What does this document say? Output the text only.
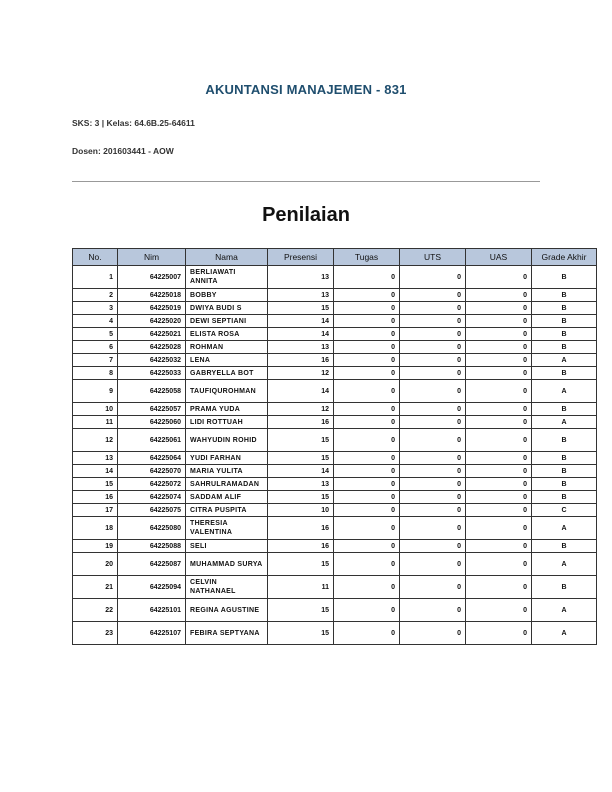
AKUNTANSI MANAJEMEN - 831
SKS: 3 | Kelas: 64.6B.25-64611
Dosen: 201603441 - AOW
Penilaian
No.	Nim	Nama	Presensi	Tugas	UTS	UAS	Grade Akhir
1	64225007	BERLIAWATI ANNITA	13	0	0	0	B
2	64225018	BOBBY	13	0	0	0	B
3	64225019	DWIYA BUDI S	15	0	0	0	B
4	64225020	DEWI SEPTIANI	14	0	0	0	B
5	64225021	ELISTA ROSA	14	0	0	0	B
6	64225028	ROHMAN	13	0	0	0	B
7	64225032	LENA	16	0	0	0	A
8	64225033	GABRYELLA BOT	12	0	0	0	B
9	64225058	TAUFIQUROHMAN	14	0	0	0	A
10	64225057	PRAMA YUDA	12	0	0	0	B
11	64225060	LIDI ROTTUAH	16	0	0	0	A
12	64225061	WAHYUDIN ROHID	15	0	0	0	B
13	64225064	YUDI FARHAN	15	0	0	0	B
14	64225070	MARIA YULITA	14	0	0	0	B
15	64225072	SAHRULRAMADAN	13	0	0	0	B
16	64225074	SADDAM ALIF	15	0	0	0	B
17	64225075	CITRA PUSPITA	10	0	0	0	C
18	64225080	THERESIA VALENTINA	16	0	0	0	A
19	64225088	SELI	16	0	0	0	B
20	64225087	MUHAMMAD SURYA	15	0	0	0	A
21	64225094	CELVIN NATHANAEL	11	0	0	0	B
22	64225101	REGINA AGUSTINE	15	0	0	0	A
23	64225107	FEBIRA SEPTYANA	15	0	0	0	A
